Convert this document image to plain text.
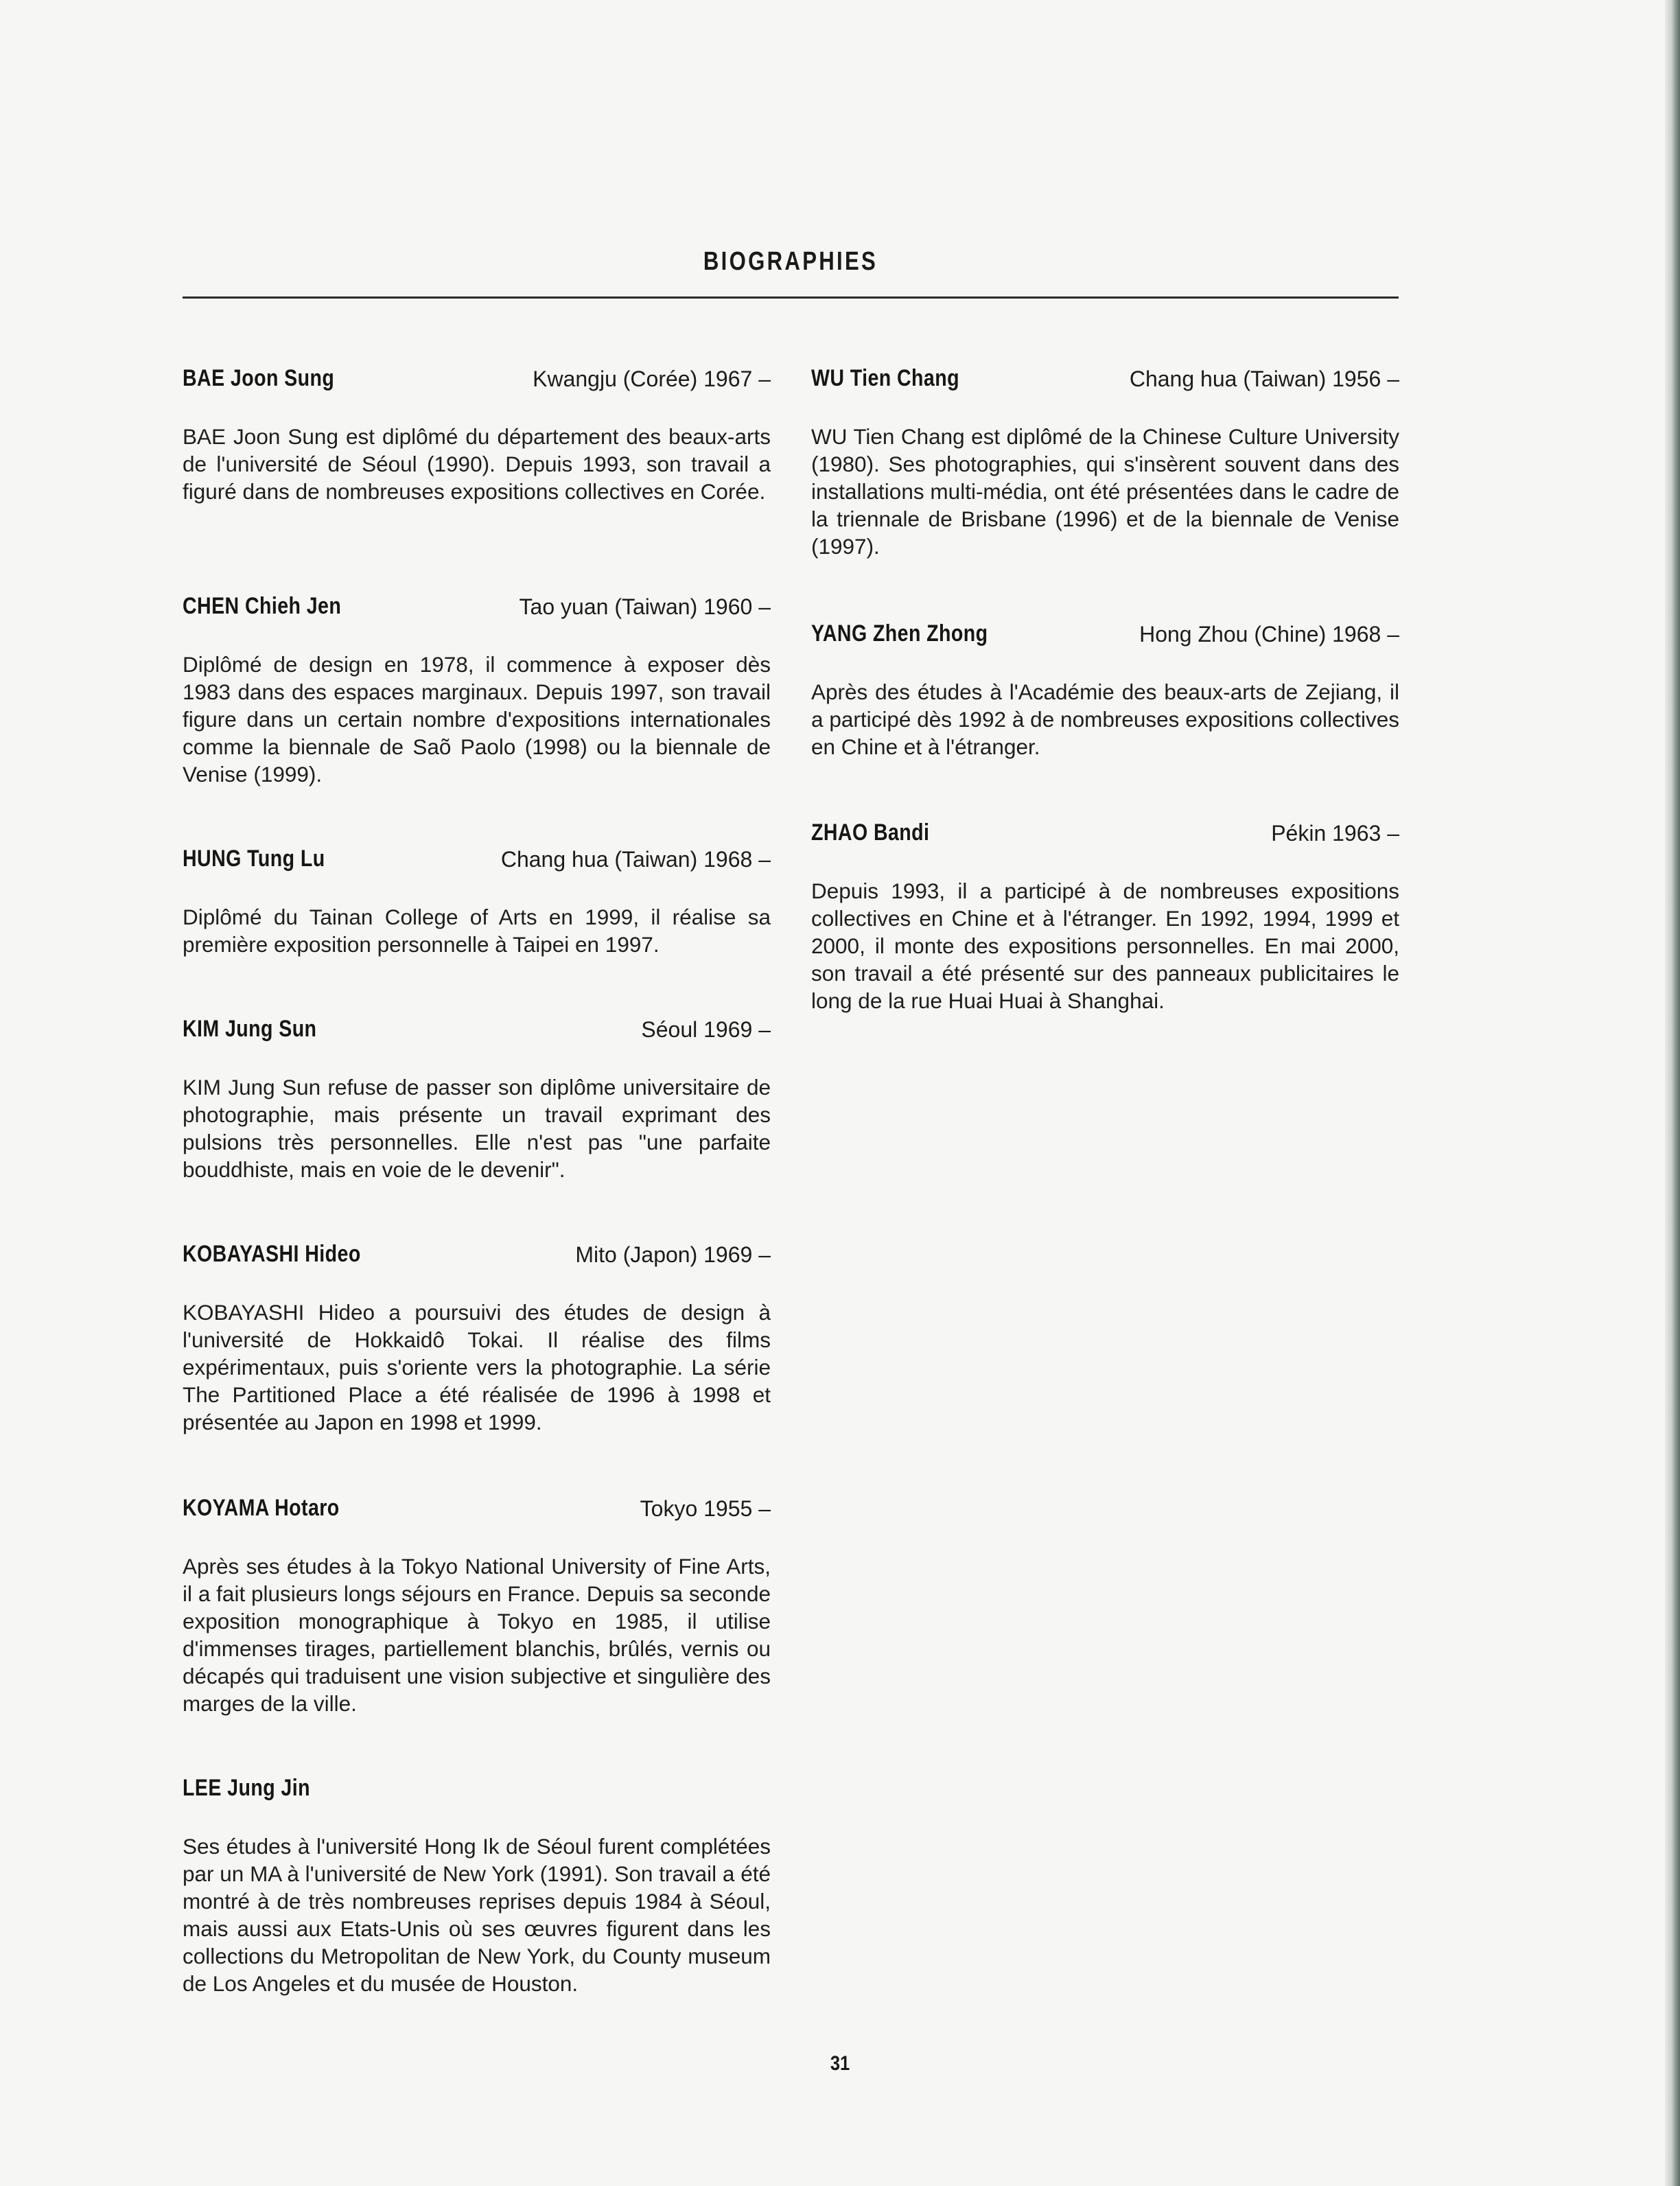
BIOGRAPHIES
BAE Joon Sung	Kwangju (Corée) 1967 –
BAE Joon Sung est diplômé du département des beaux-arts de l'université de Séoul (1990). Depuis 1993, son travail a figuré dans de nombreuses expositions collectives en Corée.
CHEN Chieh Jen	Tao yuan (Taiwan) 1960 –
Diplômé de design en 1978, il commence à exposer dès 1983 dans des espaces marginaux. Depuis 1997, son travail figure dans un certain nombre d'expositions internationales comme la biennale de Saõ Paolo (1998) ou la biennale de Venise (1999).
HUNG Tung Lu	Chang hua (Taiwan) 1968 –
Diplômé du Tainan College of Arts en 1999, il réalise sa première exposition personnelle à Taipei en 1997.
KIM Jung Sun	Séoul 1969 –
KIM Jung Sun refuse de passer son diplôme universitaire de photographie, mais présente un travail exprimant des pulsions très personnelles. Elle n'est pas "une parfaite bouddhiste, mais en voie de le devenir".
KOBAYASHI Hideo	Mito (Japon) 1969 –
KOBAYASHI Hideo a poursuivi des études de design à l'université de Hokkaidô Tokai. Il réalise des films expérimentaux, puis s'oriente vers la photographie. La série The Partitioned Place a été réalisée de 1996 à 1998 et présentée au Japon en 1998 et 1999.
KOYAMA Hotaro	Tokyo 1955 –
Après ses études à la Tokyo National University of Fine Arts, il a fait plusieurs longs séjours en France. Depuis sa seconde exposition monographique à Tokyo en 1985, il utilise d'immenses tirages, partiellement blanchis, brûlés, vernis ou décapés qui traduisent une vision subjective et singulière des marges de la ville.
LEE Jung Jin
Ses études à l'université Hong Ik de Séoul furent complétées par un MA à l'université de New York (1991). Son travail a été montré à de très nombreuses reprises depuis 1984 à Séoul, mais aussi aux Etats-Unis où ses œuvres figurent dans les collections du Metropolitan de New York, du County museum de Los Angeles et du musée de Houston.
WU Tien Chang	Chang hua (Taiwan) 1956 –
WU Tien Chang est diplômé de la Chinese Culture University (1980). Ses photographies, qui s'insèrent souvent dans des installations multi-média, ont été présentées dans le cadre de la triennale de Brisbane (1996) et de la biennale de Venise (1997).
YANG Zhen Zhong	Hong Zhou (Chine) 1968 –
Après des études à l'Académie des beaux-arts de Zejiang, il a participé dès 1992 à de nombreuses expositions collectives en Chine et à l'étranger.
ZHAO Bandi	Pékin 1963 –
Depuis 1993, il a participé à de nombreuses expositions collectives en Chine et à l'étranger. En 1992, 1994, 1999 et 2000, il monte des expositions personnelles. En mai 2000, son travail a été présenté sur des panneaux publicitaires le long de la rue Huai Huai à Shanghai.
31
